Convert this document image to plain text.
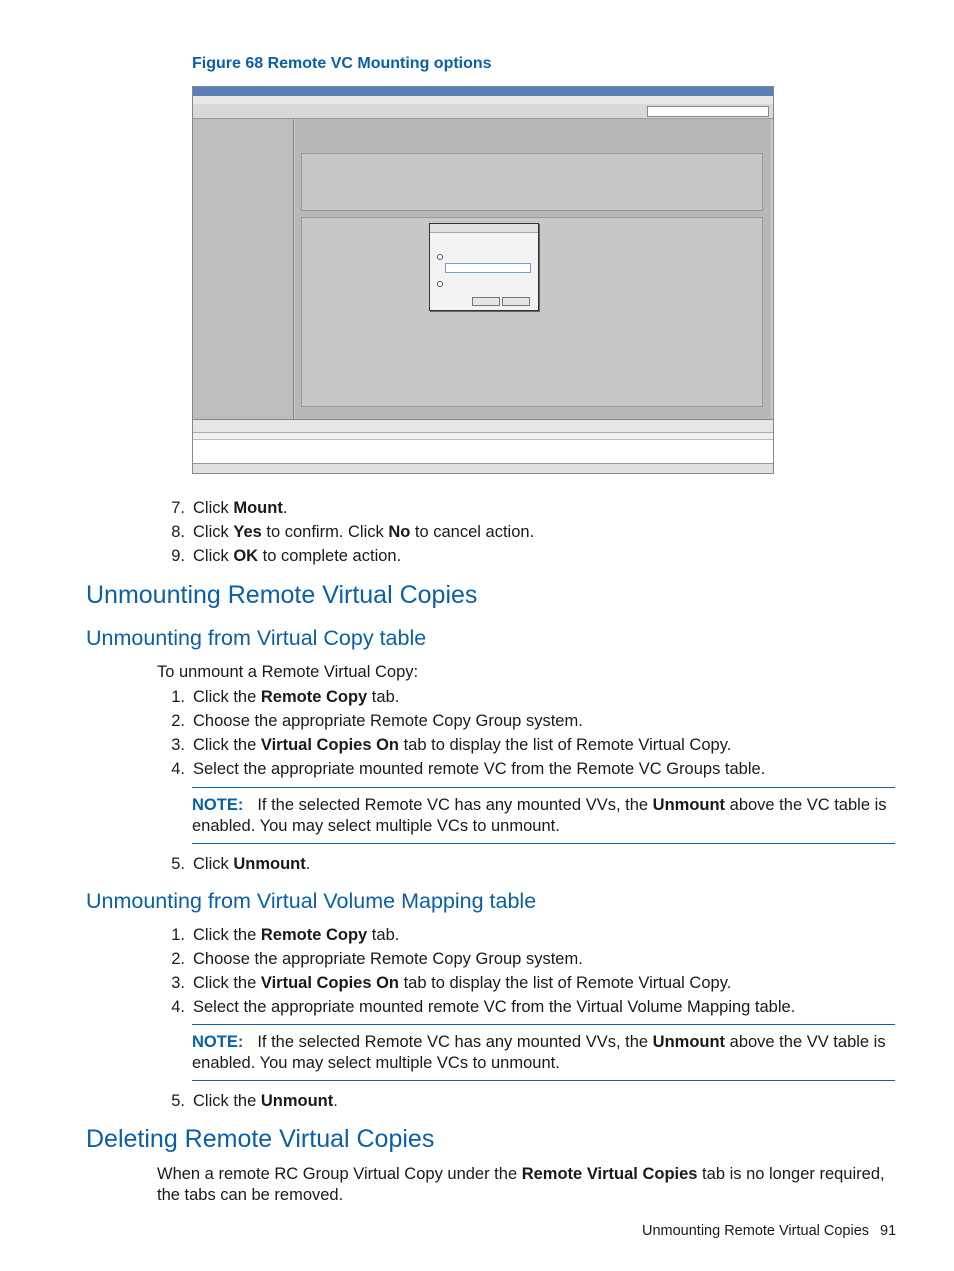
Figure 68 Remote VC Mounting options
7. Click Mount.
8. Click Yes to confirm. Click No to cancel action.
9. Click OK to complete action.
Unmounting Remote Virtual Copies
Unmounting from Virtual Copy table
To unmount a Remote Virtual Copy:
1. Click the Remote Copy tab.
2. Choose the appropriate Remote Copy Group system.
3. Click the Virtual Copies On tab to display the list of Remote Virtual Copy.
4. Select the appropriate mounted remote VC from the Remote VC Groups table.
NOTE: If the selected Remote VC has any mounted VVs, the Unmount above the VC table is enabled. You may select multiple VCs to unmount.
5. Click Unmount.
Unmounting from Virtual Volume Mapping table
1. Click the Remote Copy tab.
2. Choose the appropriate Remote Copy Group system.
3. Click the Virtual Copies On tab to display the list of Remote Virtual Copy.
4. Select the appropriate mounted remote VC from the Virtual Volume Mapping table.
NOTE: If the selected Remote VC has any mounted VVs, the Unmount above the VV table is enabled. You may select multiple VCs to unmount.
5. Click the Unmount.
Deleting Remote Virtual Copies
When a remote RC Group Virtual Copy under the Remote Virtual Copies tab is no longer required, the tabs can be removed.
Unmounting Remote Virtual Copies 91
